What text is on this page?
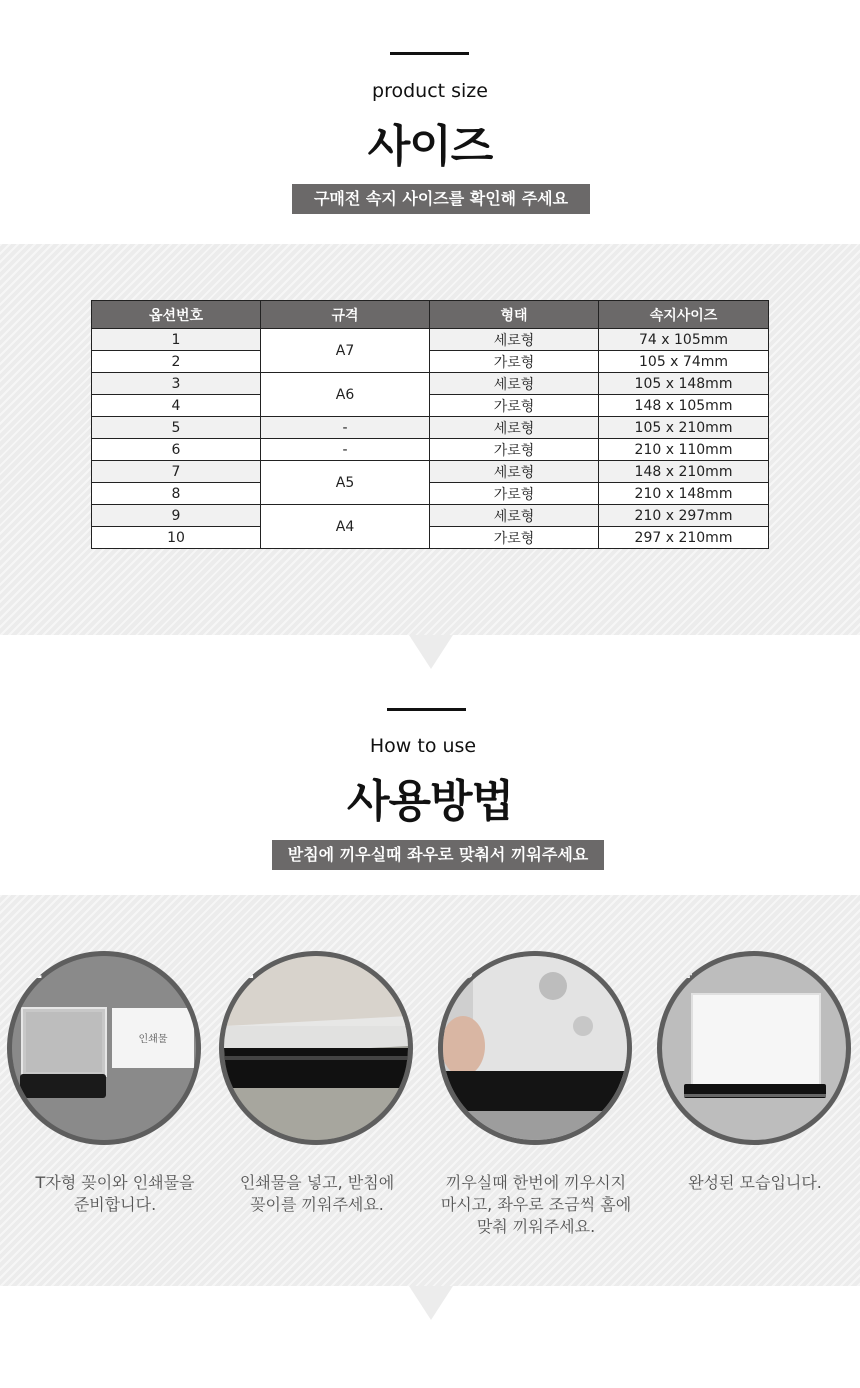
product size
사이즈
구매전 속지 사이즈를 확인해 주세요
옵션번호	규격	형태	속지사이즈
1	A7	세로형	74 x 105mm
2		가로형	105 x 74mm
3	A6	세로형	105 x 148mm
4		가로형	148 x 105mm
5	-	세로형	105 x 210mm
6	-	가로형	210 x 110mm
7	A5	세로형	148 x 210mm
8		가로형	210 x 148mm
9	A4	세로형	210 x 297mm
10		가로형	297 x 210mm
How to use
사용방법
받침에 끼우실때 좌우로 맞춰서 끼워주세요
인쇄물
01
T자형 꽂이와 인쇄물을
준비합니다.
02
인쇄물을 넣고, 받침에
꽂이를 끼워주세요.
03
끼우실때 한번에 끼우시지
마시고, 좌우로 조금씩 홈에
맞춰 끼워주세요.
04
완성된 모습입니다.
